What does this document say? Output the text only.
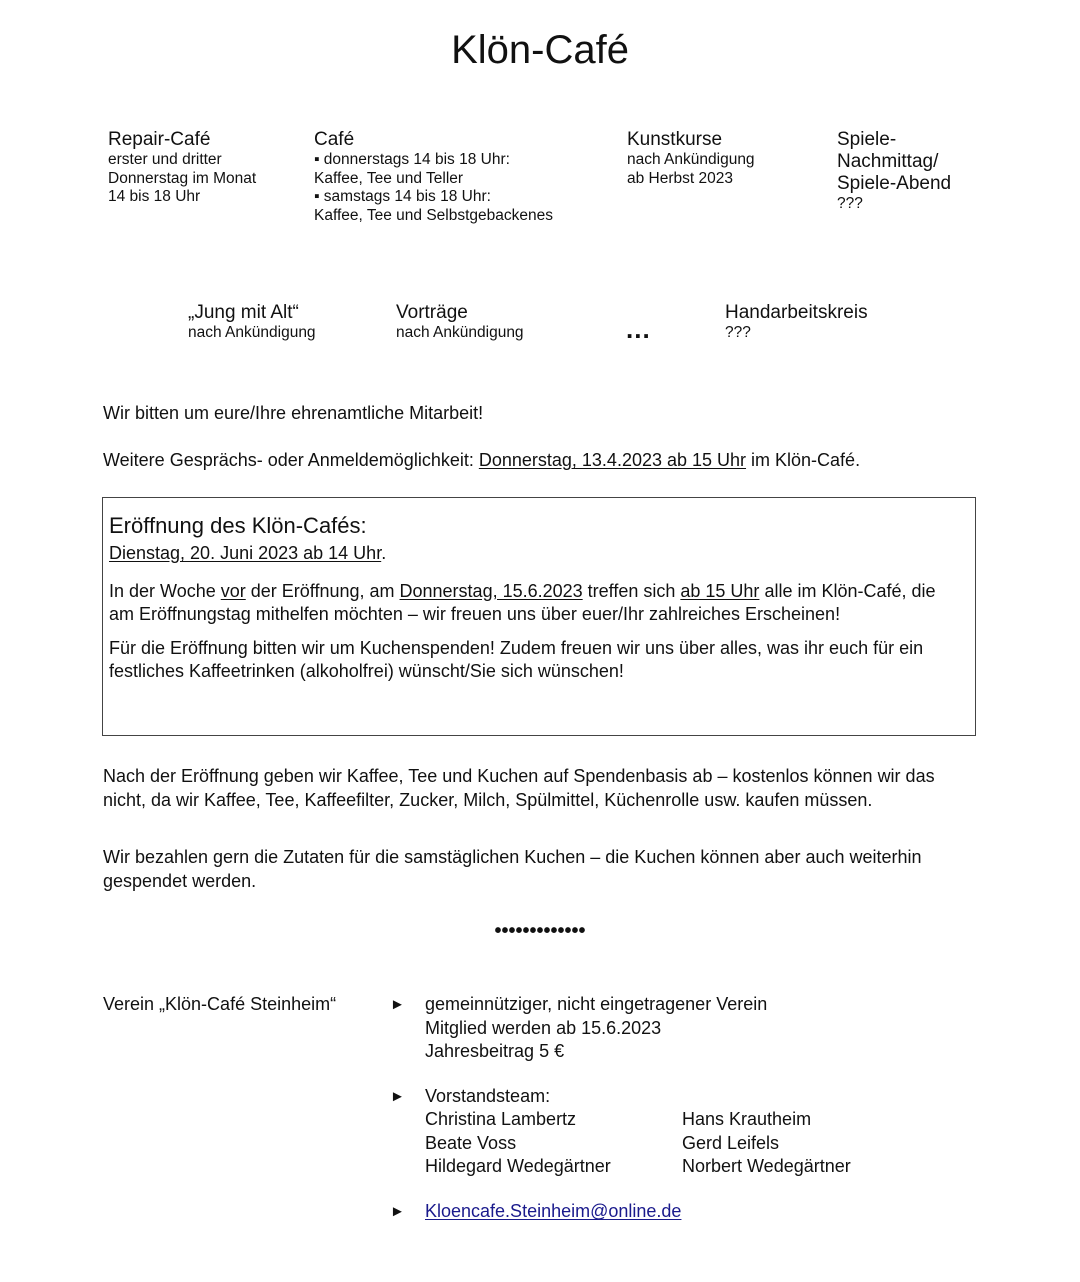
Klön-Café
Repair-Café
erster und dritter
Donnerstag im Monat
14 bis 18 Uhr
Café
▪ donnerstags 14 bis 18 Uhr:
Kaffee, Tee und Teller
▪ samstags 14 bis 18 Uhr:
Kaffee, Tee und Selbstgebackenes
Kunstkurse
nach Ankündigung
ab Herbst 2023
Spiele-
Nachmittag/
Spiele-Abend
???
„Jung mit Alt“
nach Ankündigung
Vorträge
nach Ankündigung	...
Handarbeitskreis
???
Wir bitten um eure/Ihre ehrenamtliche Mitarbeit!
Weitere Gesprächs- oder Anmeldemöglichkeit: Donnerstag, 13.4.2023 ab 15 Uhr im Klön-Café.
Eröffnung des Klön-Cafés:
Dienstag, 20. Juni 2023 ab 14 Uhr.

In der Woche vor der Eröffnung, am Donnerstag, 15.6.2023 treffen sich ab 15 Uhr alle im Klön-Café, die am Eröffnungstag mithelfen möchten – wir freuen uns über euer/Ihr zahlreiches Erscheinen!

Für die Eröffnung bitten wir um Kuchenspenden! Zudem freuen wir uns über alles, was ihr euch für ein festliches Kaffeetrinken (alkoholfrei) wünscht/Sie sich wünschen!

Nach der Eröffnung geben wir Kaffee, Tee und Kuchen auf Spendenbasis ab – kostenlos können wir das nicht, da wir Kaffee, Tee, Kaffeefilter, Zucker, Milch, Spülmittel, Küchenrolle usw. kaufen müssen.

Wir bezahlen gern die Zutaten für die samstäglichen Kuchen – die Kuchen können aber auch weiterhin gespendet werden.

•••••••••••••
Verein „Klön-Café Steinheim“	► gemeinnütziger, nicht eingetragener Verein
Mitglied werden ab 15.6.2023
Jahresbeitrag 5 €
► Vorstandsteam:
Christina Lambertz
Beate Voss
Hildegard Wedegärtner
Hans Krautheim
Gerd Leifels
Norbert Wedegärtner
► Kloencafe.Steinheim@online.de
